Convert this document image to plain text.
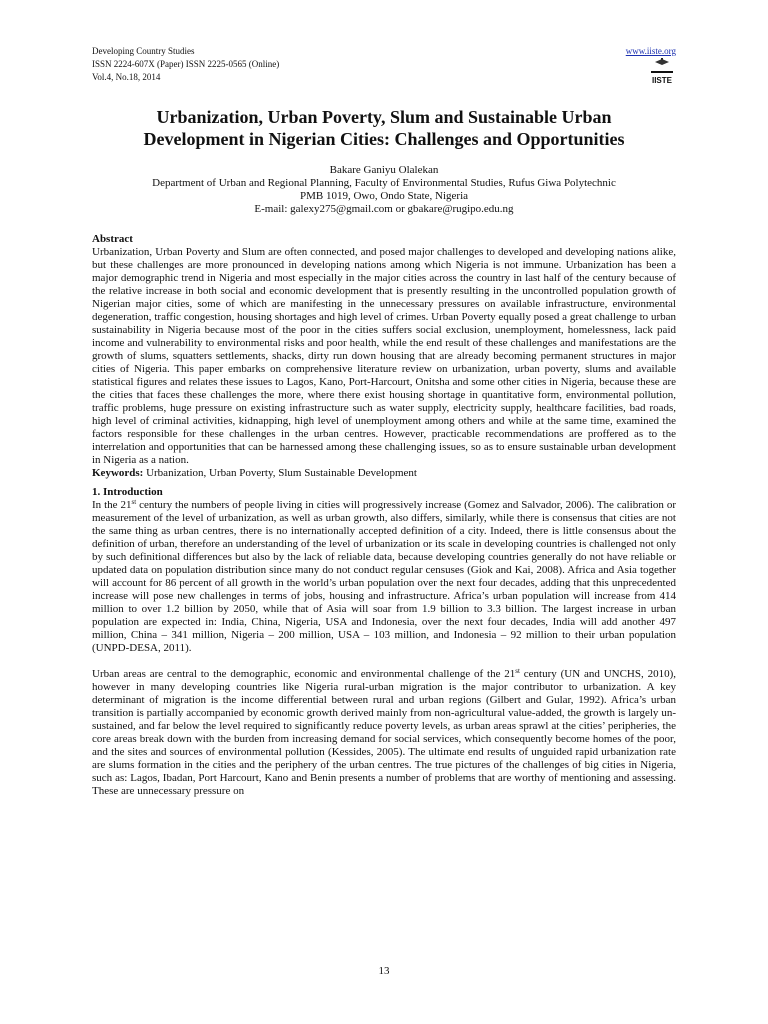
Developing Country Studies
ISSN 2224-607X (Paper) ISSN 2225-0565 (Online)
Vol.4, No.18, 2014
www.iiste.org
IISTE
Urbanization, Urban Poverty, Slum and Sustainable Urban
Development in Nigerian Cities: Challenges and Opportunities
Bakare Ganiyu Olalekan
Department of Urban and Regional Planning, Faculty of Environmental Studies, Rufus Giwa Polytechnic
PMB 1019, Owo, Ondo State, Nigeria
E-mail: galexy275@gmail.com or gbakare@rugipo.edu.ng

Abstract

Urbanization, Urban Poverty and Slum are often connected, and posed major challenges to developed and developing nations alike, but these challenges are more pronounced in developing nations among which Nigeria is not immune. Urbanization has been a major demographic trend in Nigeria and most especially in the major cities across the country in last half of the century because of the relative increase in both social and economic development that is presently resulting in the uncontrolled population growth of Nigerian major cities, some of which are manifesting in the unnecessary pressures on available infrastructure, environmental degeneration, traffic congestion, housing shortages and high level of crimes. Urban Poverty equally posed a great challenge to urban sustainability in Nigeria because most of the poor in the cities suffers social exclusion, unemployment, homelessness, lack paid income and vulnerability to environmental risks and poor health, while the end result of these challenges and manifestations are the growth of slums, squatters settlements, shacks, dirty run down housing that are already becoming permanent structures in major cities of Nigeria. This paper embarks on comprehensive literature review on urbanization, urban poverty, slums and available statistical figures and relates these issues to Lagos, Kano, Port-Harcourt, Onitsha and some other cities in Nigeria, because these are the cities that faces these challenges the more, where there exist housing shortage in quantitative form, environmental pollution, traffic problems, huge pressure on existing infrastructure such as water supply, electricity supply, healthcare facilities, bad roads, high level of criminal activities, kidnapping, high level of unemployment among others and while at the same time, examined the factors responsible for these challenges in the urban centres. However, practicable recommendations are proffered as to the interrelation and opportunities that can be harnessed among these challenging issues, so as to ensure sustainable urban development in Nigeria as a nation.

Keywords: Urbanization, Urban Poverty, Slum Sustainable Development

1. Introduction

In the 21st century the numbers of people living in cities will progressively increase (Gomez and Salvador, 2006). The calibration or measurement of the level of urbanization, as well as urban growth, also differs, similarly, while there is consensus that cities are not the same thing as urban centres, there is no internationally accepted definition of a city. Indeed, there is little consensus about the definition of urban, therefore an understanding of the level of urbanization or its scale in developing countries is challenged not only by such definitional differences but also by the lack of reliable data, because developing countries generally do not have reliable or updated data on population distribution since many do not conduct regular censuses (Giok and Kai, 2008). Africa and Asia together will account for 86 percent of all growth in the world’s urban population over the next four decades, adding that this unprecedented increase will pose new challenges in terms of jobs, housing and infrastructure. Africa’s urban population will increase from 414 million to over 1.2 billion by 2050, while that of Asia will soar from 1.9 billion to 3.3 billion. The largest increase in urban population are expected in: India, China, Nigeria, USA and Indonesia, over the next four decades, India will add another 497 million, China – 341 million, Nigeria – 200 million, USA – 103 million, and Indonesia – 92 million to their urban population (UNPD-DESA, 2011).

Urban areas are central to the demographic, economic and environmental challenge of the 21st century (UN and UNCHS, 2010), however in many developing countries like Nigeria rural-urban migration is the major contributor to urbanization. A key determinant of migration is the income differential between rural and urban regions (Gilbert and Gular, 1992). Africa’s urban transition is partially accompanied by economic growth derived mainly from non-agricultural value-added, the growth is largely un-sustained, and far below the level required to significantly reduce poverty levels, as urban areas sprawl at the cities’ peripheries, the core areas break down with the burden from increasing demand for social services, which consequently become homes of the poor, and the sites and sources of environmental pollution (Kessides, 2005). The ultimate end results of unguided rapid urbanization rate are slums formation in the cities and the periphery of the urban centres. The true pictures of the challenges of big cities in Nigeria, such as: Lagos, Ibadan, Port Harcourt, Kano and Benin presents a number of problems that are worthy of mentioning and assessing. These are unnecessary pressure on

13
